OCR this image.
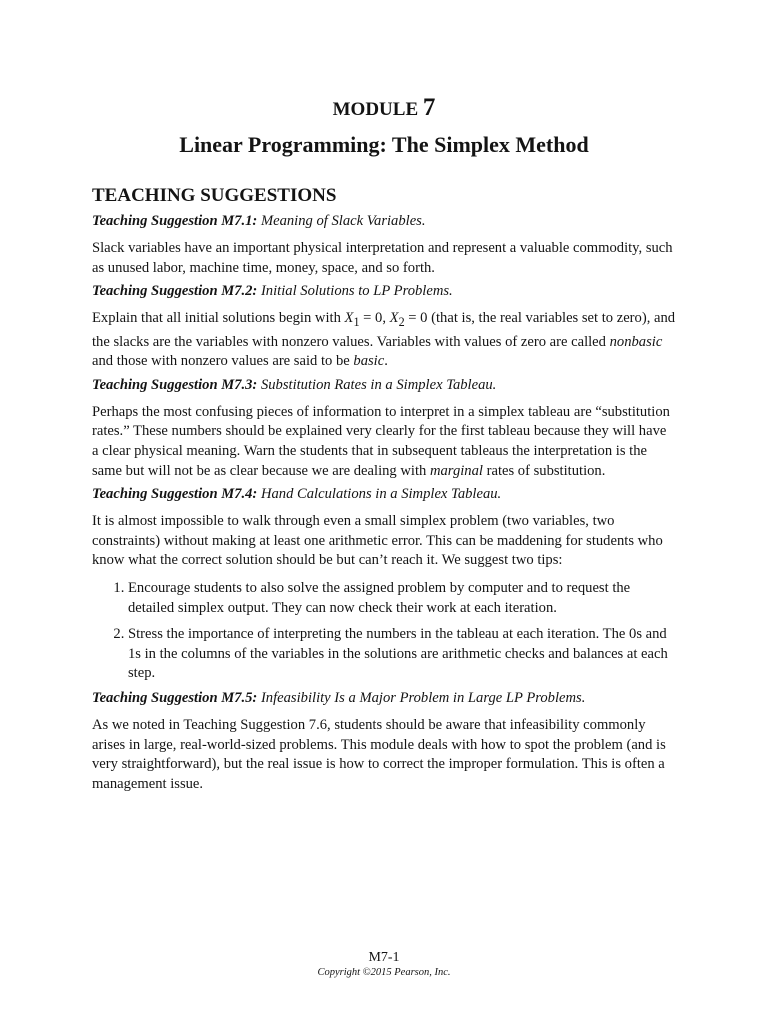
MODULE 7
Linear Programming: The Simplex Method
TEACHING SUGGESTIONS
Teaching Suggestion M7.1: Meaning of Slack Variables.

Slack variables have an important physical interpretation and represent a valuable commodity, such as unused labor, machine time, money, space, and so forth.

Teaching Suggestion M7.2: Initial Solutions to LP Problems.

Explain that all initial solutions begin with $X_1 = 0$, $X_2 = 0$ (that is, the real variables set to zero), and the slacks are the variables with nonzero values. Variables with values of zero are called nonbasic and those with nonzero values are said to be basic.

Teaching Suggestion M7.3: Substitution Rates in a Simplex Tableau.

Perhaps the most confusing pieces of information to interpret in a simplex tableau are “substitution rates.” These numbers should be explained very clearly for the first tableau because they will have a clear physical meaning. Warn the students that in subsequent tableaus the interpretation is the same but will not be as clear because we are dealing with marginal rates of substitution.

Teaching Suggestion M7.4: Hand Calculations in a Simplex Tableau.

It is almost impossible to walk through even a small simplex problem (two variables, two constraints) without making at least one arithmetic error. This can be maddening for students who know what the correct solution should be but can’t reach it. We suggest two tips:

1. Encourage students to also solve the assigned problem by computer and to request the detailed simplex output. They can now check their work at each iteration.
2. Stress the importance of interpreting the numbers in the tableau at each iteration. The 0s and 1s in the columns of the variables in the solutions are arithmetic checks and balances at each step.
Teaching Suggestion M7.5: Infeasibility Is a Major Problem in Large LP Problems.

As we noted in Teaching Suggestion 7.6, students should be aware that infeasibility commonly arises in large, real-world-sized problems. This module deals with how to spot the problem (and is very straightforward), but the real issue is how to correct the improper formulation. This is often a management issue.

M7-1
Copyright ©2015 Pearson, Inc.
